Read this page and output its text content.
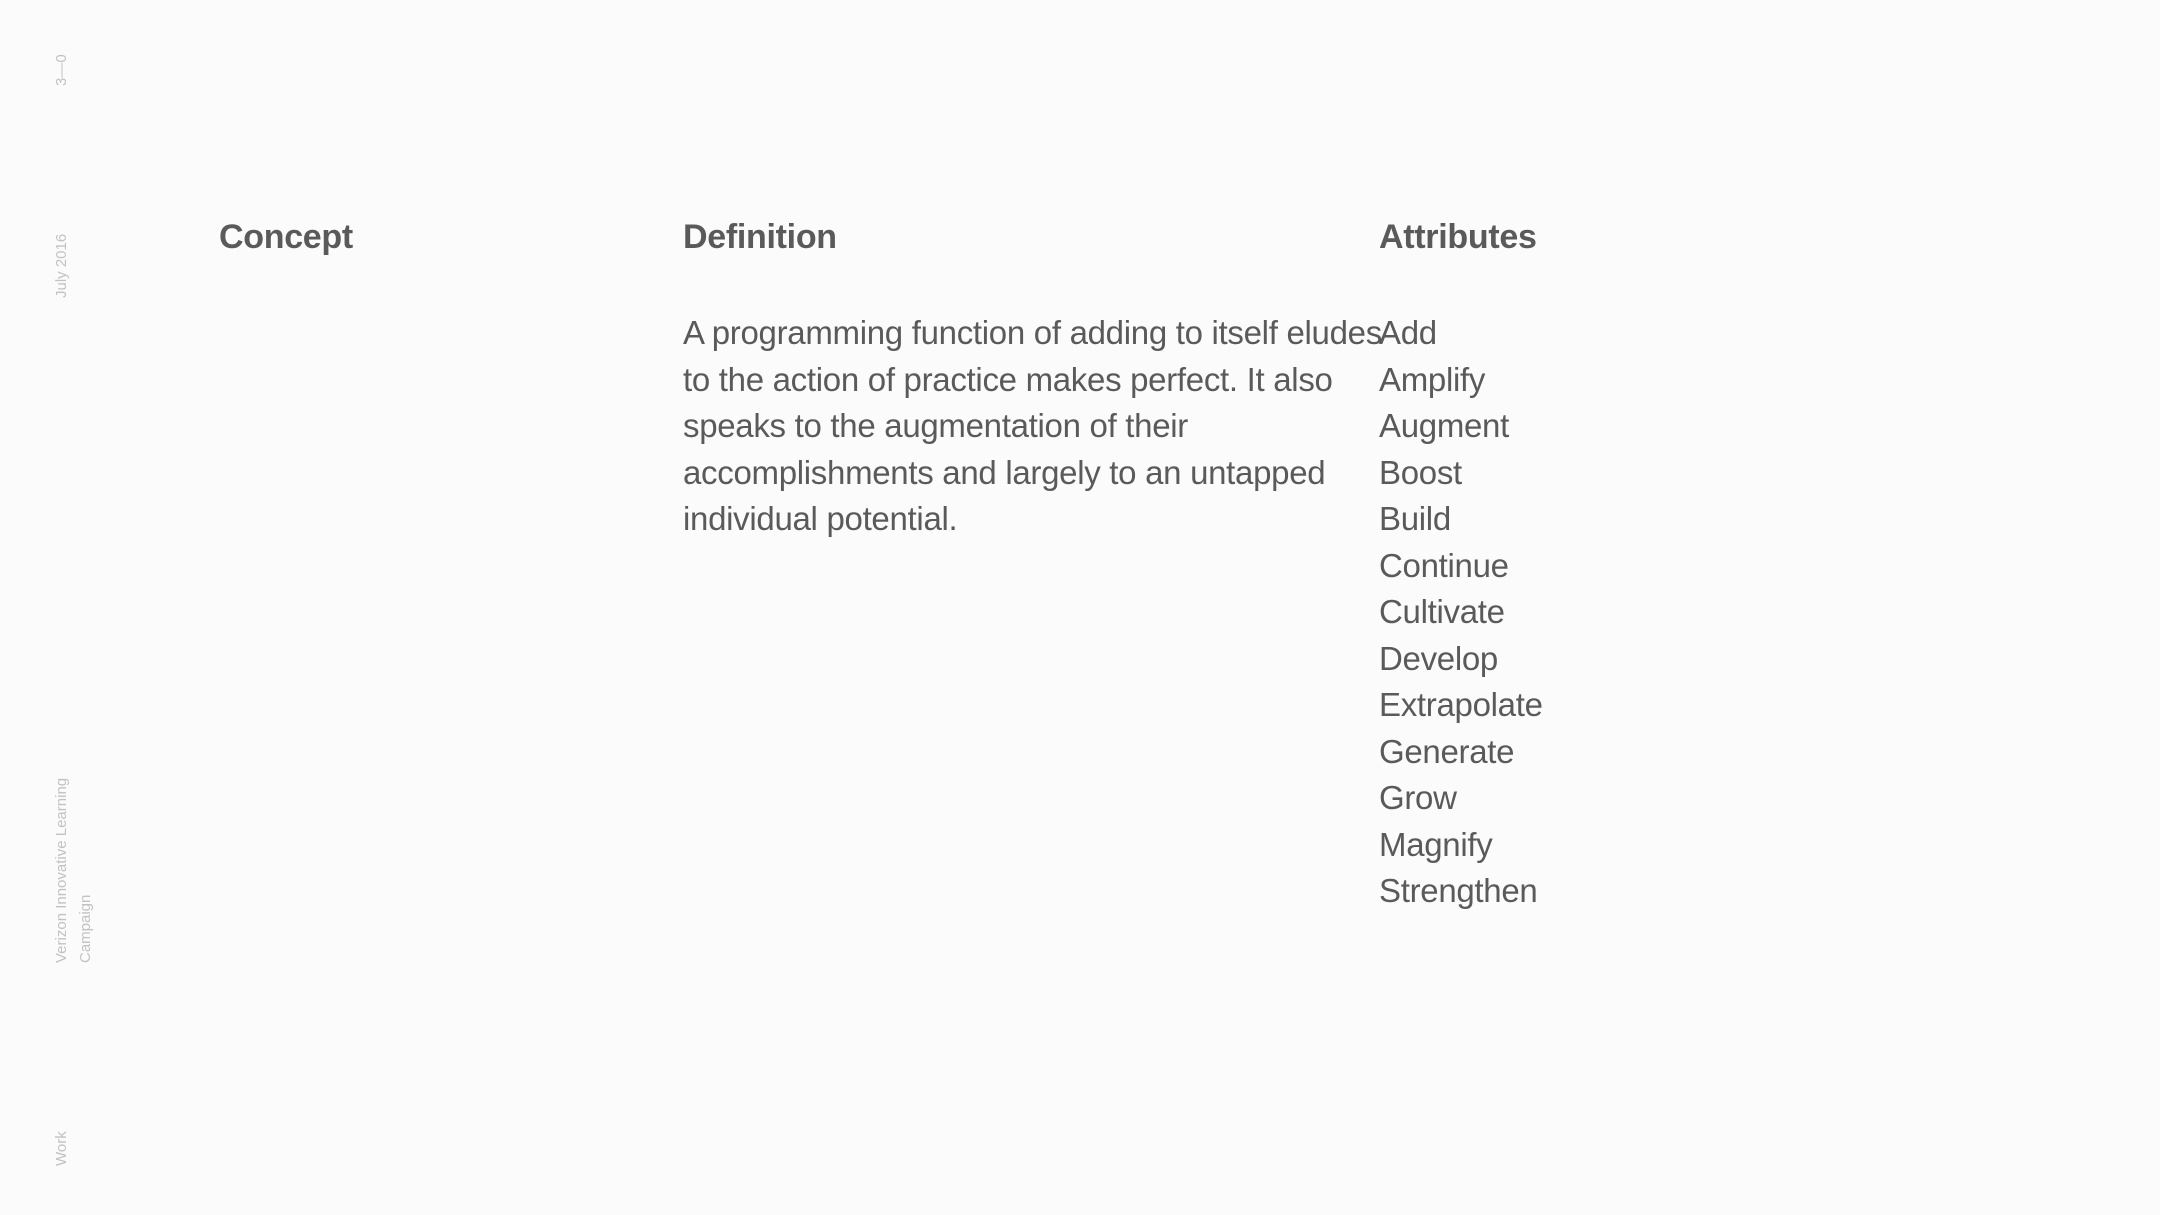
3—0
July 2016
Verizon Innovative Learning Campaign
Work
Concept	Definition	Attributes

A programming function of adding to itself eludes to the action of practice makes perfect. It also speaks to the augmentation of their accomplishments and largely to an untapped individual potential.

Add
Amplify
Augment
Boost
Build
Continue
Cultivate
Develop
Extrapolate
Generate
Grow
Magnify
Strengthen
